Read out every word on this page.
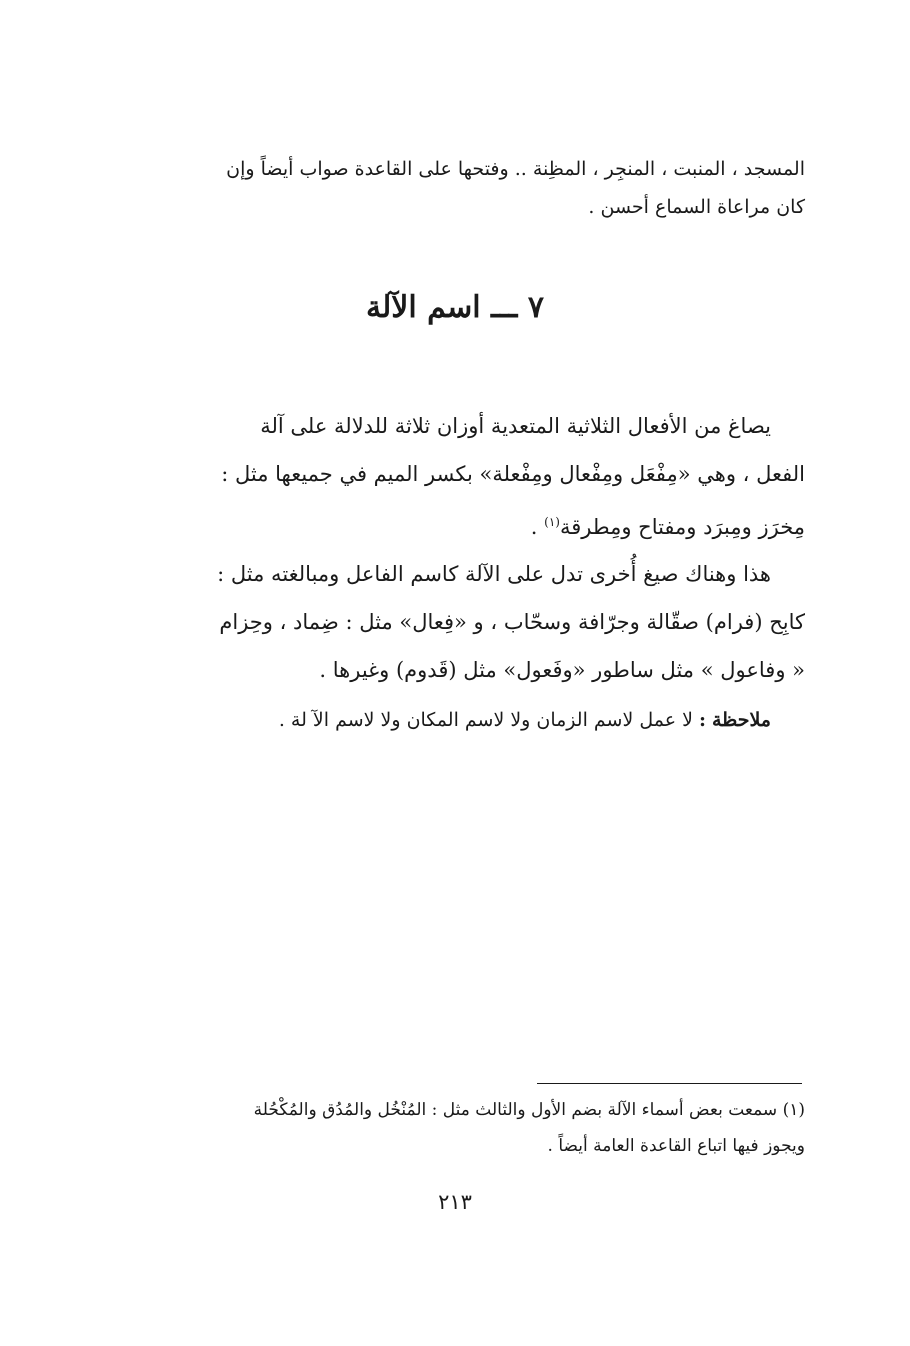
المسجد ، المنبت ، المنجِر ، المظِنة .. وفتحها على القاعدة صواب أيضاً وإن
كان مراعاة السماع أحسن .
٧ ـــ اسم الآلة
يصاغ من الأفعال الثلاثية المتعدية أوزان ثلاثة للدلالة على آلة
الفعل ، وهي «مِفْعَل ومِفْعال ومِفْعلة» بكسر الميم في جميعها مثل :
مِخرَز ومِبرَد ومفتاح ومِطرقة$^{(١)}$ .
هذا وهناك صيغ أُخرى تدل على الآلة كاسم الفاعل ومبالغته مثل :
كابِح (فرام) صقّالة وجرّافة وسحّاب ، و «فِعال» مثل : ضِماد ، وحِزام
« وفاعول » مثل ساطور «وفَعول» مثل (قَدوم) وغيرها .
ملاحظة:لا عمل لاسم الزمان ولا لاسم المكان ولا لاسم الآ لة .
(١) سمعت بعض أسماء الآلة بضم الأول والثالث مثل : المُنْخُل والمُدُق والمُكْحُلة
ويجوز فيها اتباع القاعدة العامة أيضاً .
٢١٣
